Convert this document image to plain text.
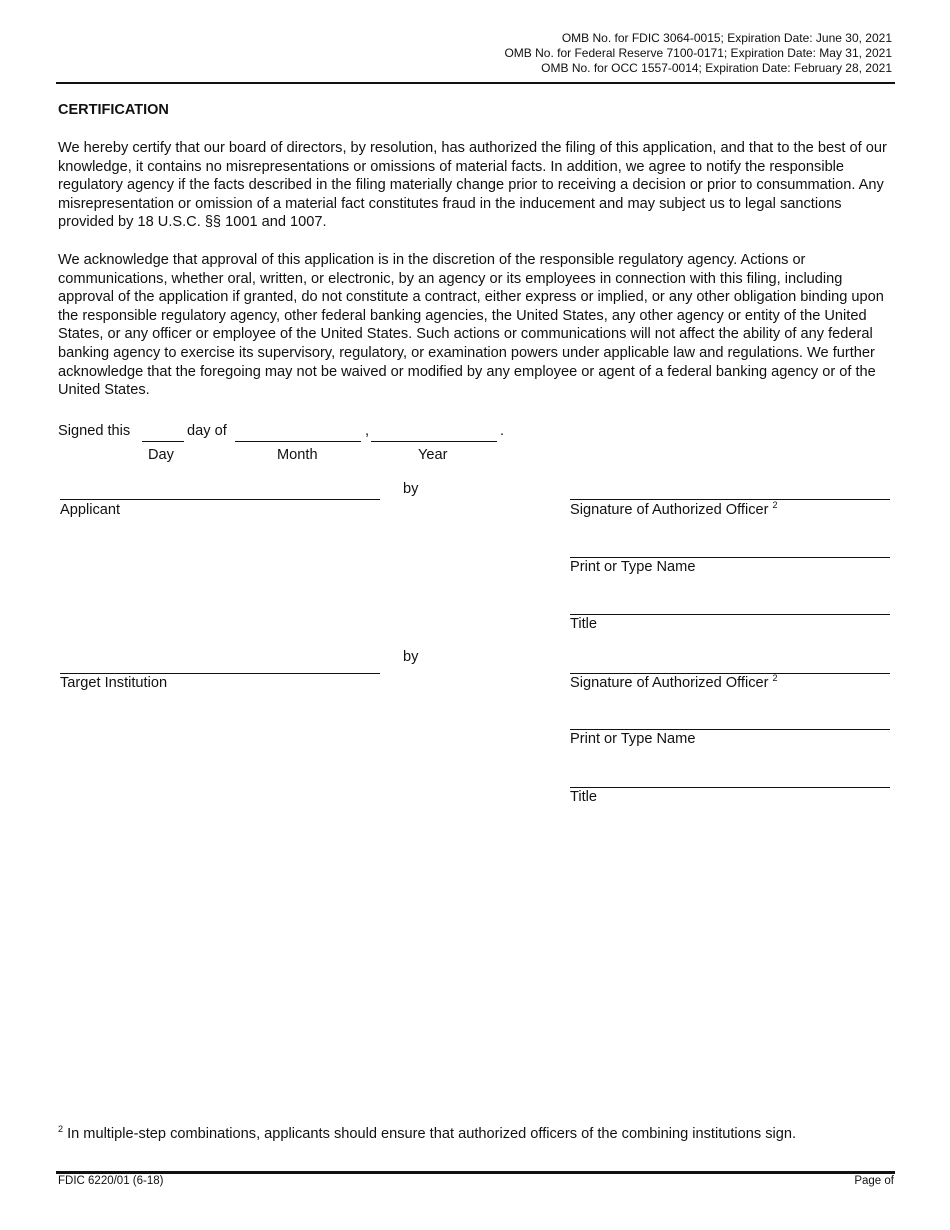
OMB No. for FDIC 3064-0015; Expiration Date: June 30, 2021
OMB No. for Federal Reserve 7100-0171; Expiration Date: May 31, 2021
OMB No. for OCC 1557-0014; Expiration Date: February 28, 2021
CERTIFICATION
We hereby certify that our board of directors, by resolution, has authorized the filing of this application, and that to the best of our knowledge, it contains no misrepresentations or omissions of material facts. In addition, we agree to notify the responsible regulatory agency if the facts described in the filing materially change prior to receiving a decision or prior to consummation. Any misrepresentation or omission of a material fact constitutes fraud in the inducement and may subject us to legal sanctions provided by 18 U.S.C. §§ 1001 and 1007.
We acknowledge that approval of this application is in the discretion of the responsible regulatory agency. Actions or communications, whether oral, written, or electronic, by an agency or its employees in connection with this filing, including approval of the application if granted, do not constitute a contract, either express or implied, or any other obligation binding upon the responsible regulatory agency, other federal banking agencies, the United States, any other agency or entity of the United States, or any officer or employee of the United States. Such actions or communications will not affect the ability of any federal banking agency to exercise its supervisory, regulatory, or examination powers under applicable law and regulations. We further acknowledge that the foregoing may not be waived or modified by any employee or agent of a federal banking agency or of the United States.
Signed this	day of	,	.
Day	Month	Year
by
Applicant	Signature of Authorized Officer $^2$
Print or Type Name
Title
by
Target Institution	Signature of Authorized Officer $^2$
Print or Type Name
Title
$^2$ In multiple-step combinations, applicants should ensure that authorized officers of the combining institutions sign.
FDIC 6220/01 (6-18)	Page of
